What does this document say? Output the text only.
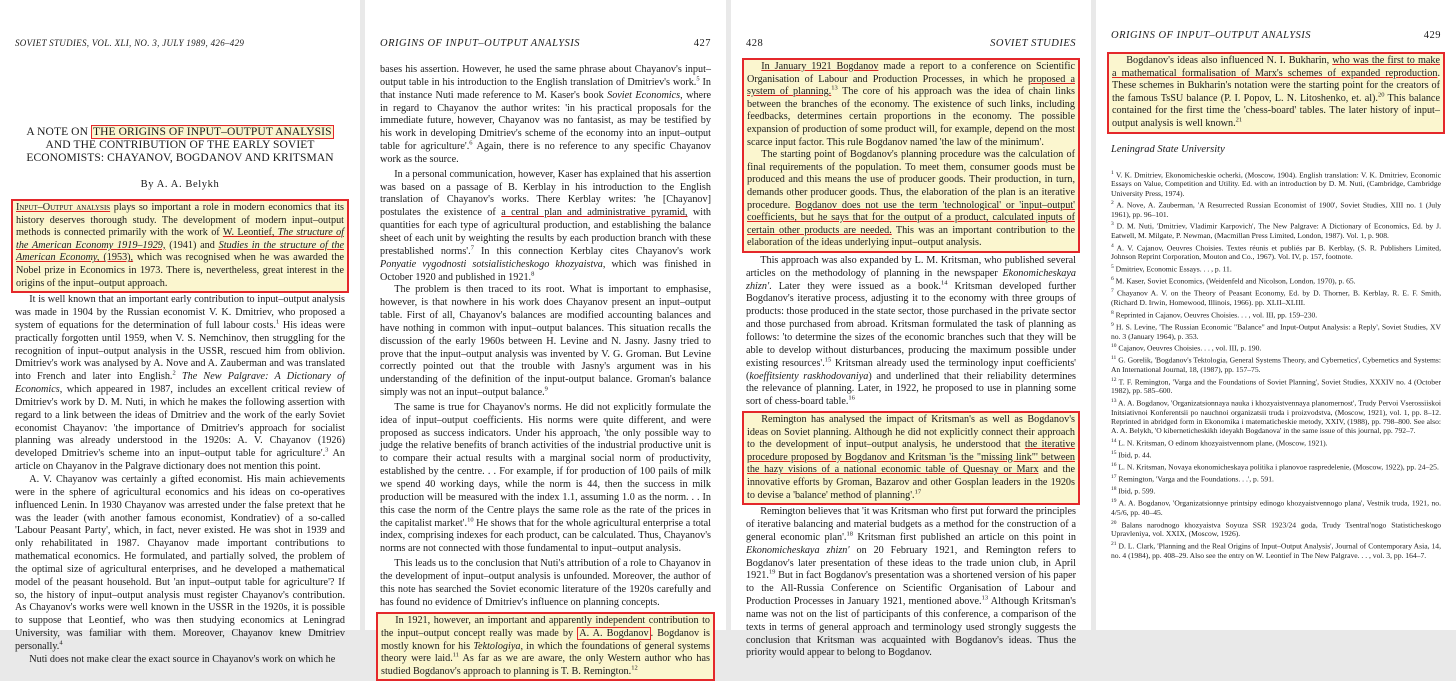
SOVIET STUDIES, VOL. XLI, NO. 3, JULY 1989, 426–429
A NOTE ON THE ORIGINS OF INPUT–OUTPUT ANALYSIS AND THE CONTRIBUTION OF THE EARLY SOVIET ECONOMISTS: CHAYANOV, BOGDANOV AND KRITSMAN
By A. A. Belykh

Input–Output analysis plays so important a role in modern economics that its history deserves thorough study. The development of modern input–output methods is connected primarily with the work of W. Leontief, The structure of the American Economy 1919–1929, (1941) and Studies in the structure of the American Economy, (1953), which was recognised when he was awarded the Nobel prize in Economics in 1973. There is, nevertheless, great interest in the origins of the input–output approach.

It is well known that an important early contribution to input–output analysis was made in 1904 by the Russian economist V. K. Dmitriev, who proposed a system of equations for the determination of full labour costs.$^1$ His ideas were practically forgotten until 1959, when V. S. Nemchinov, then struggling for the recognition of input–output analysis in the USSR, rescued him from oblivion. Dmitriev's work was analysed by A. Nove and A. Zauberman and was translated into French and later into English.$^2$ The New Palgrave: A Dictionary of Economics, which appeared in 1987, includes an excellent critical review of Dmitriev's work by D. M. Nuti, in which he makes the following assertion with regard to a link between the ideas of Dmitriev and the work of the early Soviet economist Chayanov: 'the importance of Dmitriev's approach for socialist planning was already understood in the 1920s: A. V. Chayanov (1926) developed Dmitriev's scheme into an input–output table for agriculture'.$^3$ An article on Chayanov in the Palgrave dictionary does not mention this point.

A. V. Chayanov was certainly a gifted economist. His main achievements were in the sphere of agricultural economics and his ideas on co-operatives influenced Lenin. In 1930 Chayanov was arrested under the false pretext that he was the leader (with another famous economist, Kondratiev) of a so-called 'Labour Peasant Party', which, in fact, never existed. He was shot in 1939 and only rehabilitated in 1987. Chayanov made important contributions to mathematical economics. He formulated, and partially solved, the problem of the optimal size of agricultural enterprises, and he developed a mathematical model of the peasant household. But 'an input–output table for agriculture'? If so, the history of input–output analysis must register Chayanov's contribution. As Chayanov's works were well known in the USSR in the 1920s, it is possible to suppose that Leontief, who was then studying economics at Leningrad University, was familiar with them. Moreover, Chayanov knew Dmitriev personally.$^4$

Nuti does not make clear the exact source in Chayanov's work on which he

ORIGINS OF INPUT–OUTPUT ANALYSIS	427

bases his assertion. However, he used the same phrase about Chayanov's input–output table in his introduction to the English translation of Dmitriev's work.$^5$ In that instance Nuti made reference to M. Kaser's book Soviet Economics, where in regard to Chayanov the author writes: 'in his practical proposals for the immediate future, however, Chayanov was no fantasist, as may be testified by his work in developing Dmitriev's scheme of the economy into an input–output table for agriculture'.$^6$ Again, there is no reference to any specific Chayanov work as the source.

In a personal communication, however, Kaser has explained that his assertion was based on a passage of B. Kerblay in his introduction to the English translation of Chayanov's works. There Kerblay writes: 'he [Chayanov] postulates the existence of a central plan and administrative pyramid, with quantities for each type of agricultural production, and establishing the balance sheet of each unit by weighting the results by each production branch with these prestablished norms'.$^7$ In this connection Kerblay cites Chayanov's work Ponyatie vygodnosti sotsialisticheskogo khozyaistva, which was finished in October 1920 and published in 1921.$^8$

The problem is then traced to its root. What is important to emphasise, however, is that nowhere in his work does Chayanov present an input–output table. First of all, Chayanov's balances are modified accounting balances and have nothing in common with input–output balances. This situation recalls the discussion of the early 1960s between H. Levine and N. Jasny. Jasny tried to prove that the input–output analysis was invented by V. G. Groman. But Levine correctly pointed out that the trouble with Jasny's argument was in his understanding of the definition of the input-output balance. Groman's balance simply was not an input–output balance.$^9$

The same is true for Chayanov's norms. He did not explicitly formulate the idea of input–output coefficients. His norms were quite different, and were proposed as success indicators. Under his approach, 'the only possible way to judge the relative benefits of branch activities of the industrial productive unit is to compare their actual results with a marginal social norm of productivity, established by the centre. . . For example, if for production of 100 pails of milk we spend 40 working days, while the norm is 44, then the success in milk production will be measured with the index 1.1, assuming 1.0 as the norm. . . In this case the norm of the Centre plays the same role as the rate of the prices in the capitalist market'.$^{10}$ He shows that for the whole agricultural enterprise a total index, comprising indexes for each product, can be calculated. Thus, Chayanov's norms are not connected with those fundamental to input–output analysis.

This leads us to the conclusion that Nuti's attribution of a role to Chayanov in the development of input–output analysis is unfounded. Moreover, the author of this note has searched the Soviet economic literature of the 1920s carefully and has found no evidence of Dmitriev's influence on planning concepts.

In 1921, however, an important and apparently independent contribution to the input–output concept really was made by A. A. Bogdanov . Bogdanov is mostly known for his Tektologiya, in which the foundations of general systems theory were laid.$^{11}$ As far as we are aware, the only Western author who has studied Bogdanov's approach to planning is T. B. Remington.$^{12}$

428	SOVIET STUDIES

In January 1921 Bogdanov made a report to a conference on Scientific Organisation of Labour and Production Processes, in which he proposed a system of planning.$^{13}$ The core of his approach was the idea of chain links between the branches of the economy. The existence of such links, including feedbacks, determines certain proportions in the economy. The possible expansion of production of some product will, for example, depend on the most scarce input factor. This rule Bogdanov named 'the law of the minimum'.

The starting point of Bogdanov's planning procedure was the calculation of final requirements of the population. To meet them, consumer goods must be produced and this means the use of producer goods. Their production, in turn, demands other producer goods. Thus, the elaboration of the plan is an iterative procedure. Bogdanov does not use the term 'technological' or 'input–output' coefficients, but he says that for the output of a product, calculated inputs of certain other products are needed. This was an important contribution to the elaboration of the ideas underlying input–output analysis.

This approach was also expanded by L. M. Kritsman, who published several articles on the methodology of planning in the newspaper Ekonomicheskaya zhizn'. Later they were issued as a book.$^{14}$ Kritsman developed further Bogdanov's iterative process, adjusting it to the economy with three groups of products: those produced in the state sector, those purchased in the private sector and those purchased from abroad. Kritsman formulated the task of planning as follows: 'to determine the sizes of the economic branches such that they will be able to develop without disturbances, producing the maximum possible under existing resources'.$^{15}$ Kritsman already used the terminology input coefficients' (koeffitsienty raskhodovaniya) and underlined that their reliability determines the relevance of planning. Later, in 1922, he proposed to use in planning some sort of chess-board table.$^{16}$

Remington has analysed the impact of Kritsman's as well as Bogdanov's ideas on Soviet planning. Although he did not explicitly connect their approach to the development of input–output analysis, he understood that the iterative procedure proposed by Bogdanov and Kritsman 'is the "missing link"' between the hazy visions of a national economic table of Quesnay or Marx and the innovative efforts by Groman, Bazarov and other Gosplan leaders in the 1920s to devise a 'balance' method of planning'.$^{17}$

Remington believes that 'it was Kritsman who first put forward the principles of iterative balancing and material budgets as a method for the construction of a general economic plan'.$^{18}$ Kritsman first published an article on this point in Ekonomicheskaya zhizn' on 20 February 1921, and Remington refers to Bogdanov's later presentation of these ideas to the trade union club, in April 1921.19 But in fact Bogdanov's presentation was a shortened version of his paper to the All-Russia Conference on Scientific Organisation of Labour and Production Processes in January 1921, mentioned above.$^{13}$ Although Kritsman's name was not on the list of participants of this conference, a comparison of the texts in terms of general approach and terminology used strongly suggests the conclusion that Kritsman was acquainted with Bogdanov's ideas. Thus the priority would appear to belong to Bogdanov.

ORIGINS OF INPUT–OUTPUT ANALYSIS	429

Bogdanov's ideas also influenced N. I. Bukharin, who was the first to make a mathematical formalisation of Marx's schemes of expanded reproduction. These schemes in Bukharin's notation were the starting point for the creators of the famous TsSU balance (P. I. Popov, L. N. Litoshenko, et. al).$^{20}$ This balance contained for the first time the 'chess-board' tables. The later history of input–output analysis is well known.$^{21}$

Leningrad State University

$^1$ V. K. Dmitriev, Ekonomicheskie ocherki, (Moscow, 1904). English translation: V. K. Dmitriev, Economic Essays on Value, Competition and Utility. Ed. with an introduction by D. M. Nuti, (Cambridge, Cambridge University Press, 1974).

$^2$ A. Nove, A. Zauberman, 'A Resurrected Russian Economist of 1900', Soviet Studies, XIII no. 1 (July 1961), pp. 96–101.

$^3$ D. M. Nuti, 'Dmitriev, Vladimir Karpovich', The New Palgrave: A Dictionary of Economics, Ed. by J. Eatwell, M. Milgate, P. Newman, (Macmillan Press Limited, London, 1987). Vol. 1, p. 908.

$^4$ A. V. Cajanov, Oeuvres Choisies. Textes réunis et publiés par B. Kerblay, (S. R. Publishers Limited, Johnson Reprint Corporation, Mouton and Co., 1967). Vol. IV, p. 157, footnote.

$^5$ Dmitriev, Economic Essays. . . , p. 11.

$^6$ M. Kaser, Soviet Economics, (Weidenfeld and Nicolson, London, 1970), p. 65.

$^7$ Chayanov A. V. on the Theory of Peasant Economy, Ed. by D. Thorner, B. Kerblay, R. E. F. Smith, (Richard D. Irwin, Homewood, Illinois, 1966). pp. XLII–XLIII.

$^8$ Reprinted in Cajanov, Oeuvres Choisies. . . , vol. III, pp. 159–230.

$^9$ H. S. Levine, 'The Russian Economic "Balance" and Input-Output Analysis: a Reply', Soviet Studies, XV no. 3 (January 1964), p. 353.

$^{10}$ Cajanov, Oeuvres Choisies. . . , vol. III, p. 190.

$^{11}$ G. Gorelik, 'Bogdanov's Tektologia, General Systems Theory, and Cybernetics', Cybernetics and Systems: An International Journal, 18, (1987), pp. 157–75.

$^{12}$ T. F. Remington, 'Varga and the Foundations of Soviet Planning', Soviet Studies, XXXIV no. 4 (October 1982), pp. 585–600.

$^{13}$ A. A. Bogdanov, 'Organizatsionnaya nauka i khozyaistvennaya planomernost', Trudy Pervoi Vserossiiskoi Initsiativnoi Konferentsii po nauchnoi organizatsii truda i proizvodstva, (Moscow, 1921), vol. 1, pp. 8–12. Reprinted in abridged form in Ekonomika i matematicheskie metody, XXIV, (1988), pp. 798–800. See also: A. A. Belykh, 'O kiberneticheskikh ideyakh Bogdanova' in the same issue of this journal, pp. 792–7.

$^{14}$ L. N. Kritsman, O edinom khozyaistvennom plane, (Moscow, 1921).

$^{15}$ Ibid, p. 44.

$^{16}$ L. N. Kritsman, Novaya ekonomicheskaya politika i planovoe raspredelenie, (Moscow, 1922), pp. 24–25.

$^{17}$ Remington, 'Varga and the Foundations. . .', p. 591.

$^{18}$ Ibid, p. 599.

$^{19}$ A. A. Bogdanov, 'Organizatsionnye printsipy edinogo khozyaistvennogo plana', Vestnik truda, 1921, no. 4/5/6, pp. 40–45.

$^{20}$ Balans narodnogo khozyaistva Soyuza SSR 1923/24 goda, Trudy Tsentral'nogo Statisticheskogo Upravleniya, vol. XXIX, (Moscow, 1926).

$^{21}$ D. L. Clark, 'Planning and the Real Origins of Input–Output Analysis', Journal of Contemporary Asia, 14, no. 4 (1984), pp. 408–29. Also see the entry on W. Leontief in The New Palgrave. . . , vol. 3, pp. 164–7.
